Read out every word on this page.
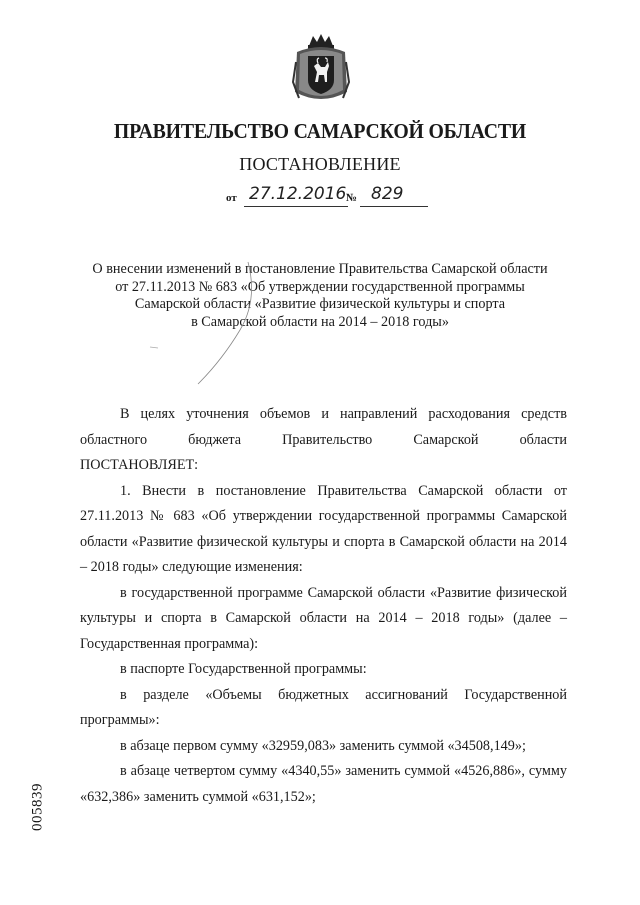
ПРАВИТЕЛЬСТВО САМАРСКОЙ ОБЛАСТИ
ПОСТАНОВЛЕНИЕ
от 27.12.2016 № 829
О внесении изменений в постановление Правительства Самарской области
от 27.11.2013 № 683 «Об утверждении государственной программы
Самарской области «Развитие физической культуры и спорта
в Самарской области на 2014 – 2018 годы»

В целях уточнения объемов и направлений расходования средств областного бюджета Правительство Самарской области

ПОСТАНОВЛЯЕТ:

1. Внести в постановление Правительства Самарской области от 27.11.2013 № 683 «Об утверждении государственной программы Самарской области «Развитие физической культуры и спорта в Самарской области на 2014 – 2018 годы» следующие изменения:

в государственной программе Самарской области «Развитие физической культуры и спорта в Самарской области на 2014 – 2018 годы» (далее – Государственная программа):

в паспорте Государственной программы:

в разделе «Объемы бюджетных ассигнований Государственной программы»:

в абзаце первом сумму «32959,083» заменить суммой «34508,149»;

в абзаце четвертом сумму «4340,55» заменить суммой «4526,886», сумму «632,386» заменить суммой «631,152»;

005839
